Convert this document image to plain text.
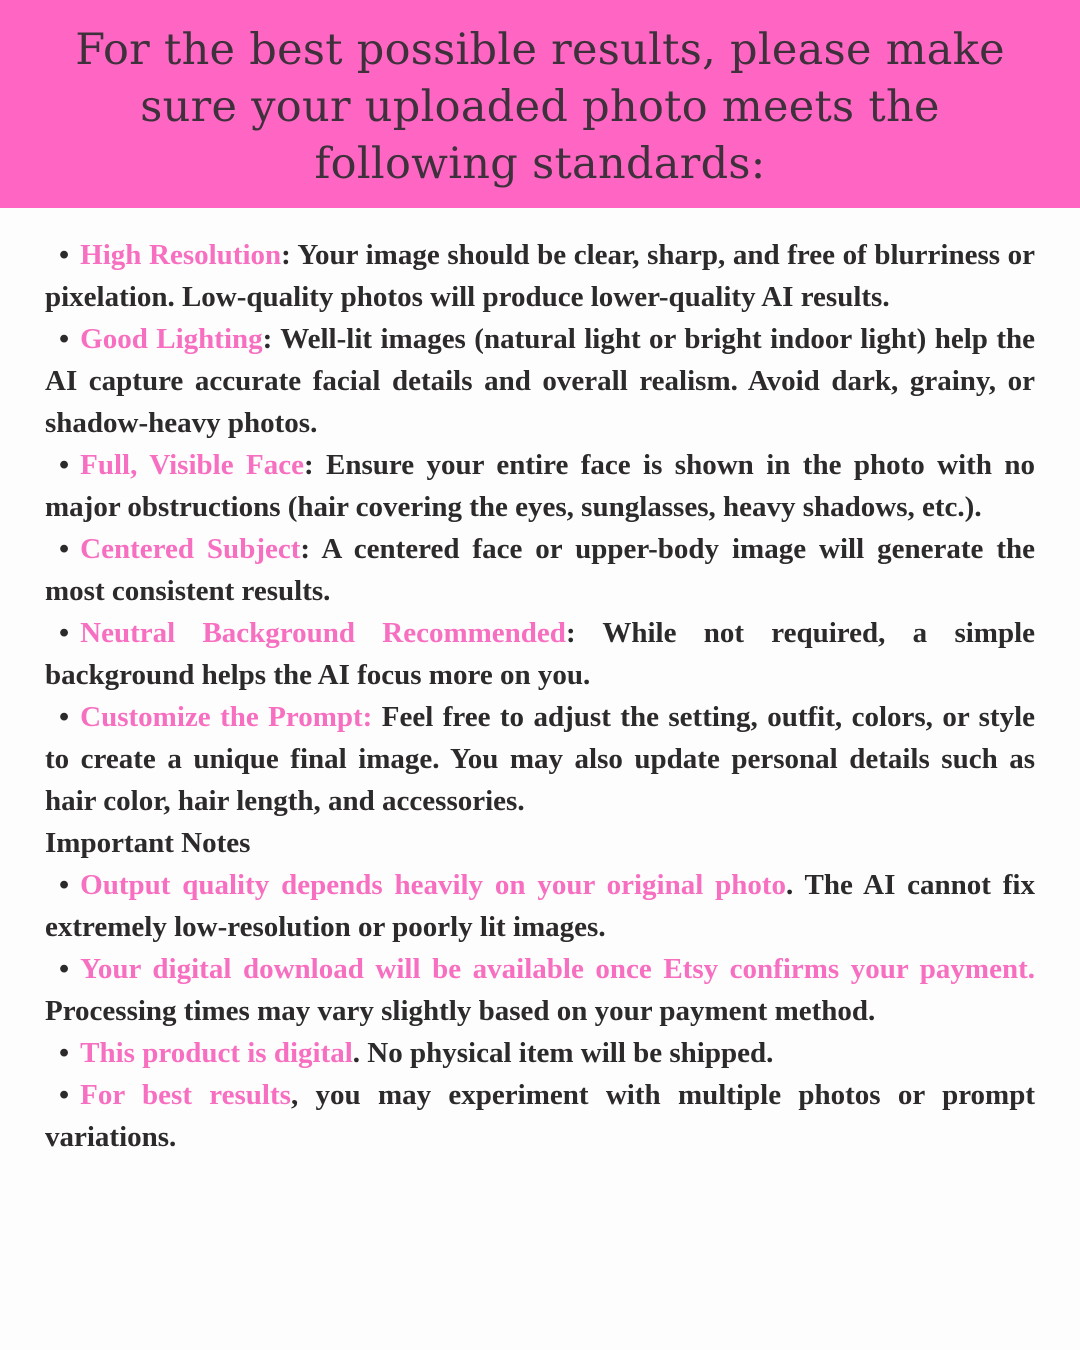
For the best possible results, please make
sure your uploaded photo meets the
following standards:

• High Resolution: Your image should be clear, sharp, and free of blurriness or pixelation. Low-quality photos will produce lower-quality AI results.

• Good Lighting: Well-lit images (natural light or bright indoor light) help the AI capture accurate facial details and overall realism. Avoid dark, grainy, or shadow-heavy photos.

• Full, Visible Face: Ensure your entire face is shown in the photo with no major obstructions (hair covering the eyes, sunglasses, heavy shadows, etc.).

• Centered Subject: A centered face or upper-body image will generate the most consistent results.

• Neutral Background Recommended: While not required, a simple background helps the AI focus more on you.

• Customize the Prompt: Feel free to adjust the setting, outfit, colors, or style to create a unique final image. You may also update personal details such as hair color, hair length, and accessories.

Important Notes

• Output quality depends heavily on your original photo. The AI cannot fix extremely low-resolution or poorly lit images.

• Your digital download will be available once Etsy confirms your payment. Processing times may vary slightly based on your payment method.

• This product is digital. No physical item will be shipped.

• For best results, you may experiment with multiple photos or prompt variations.
